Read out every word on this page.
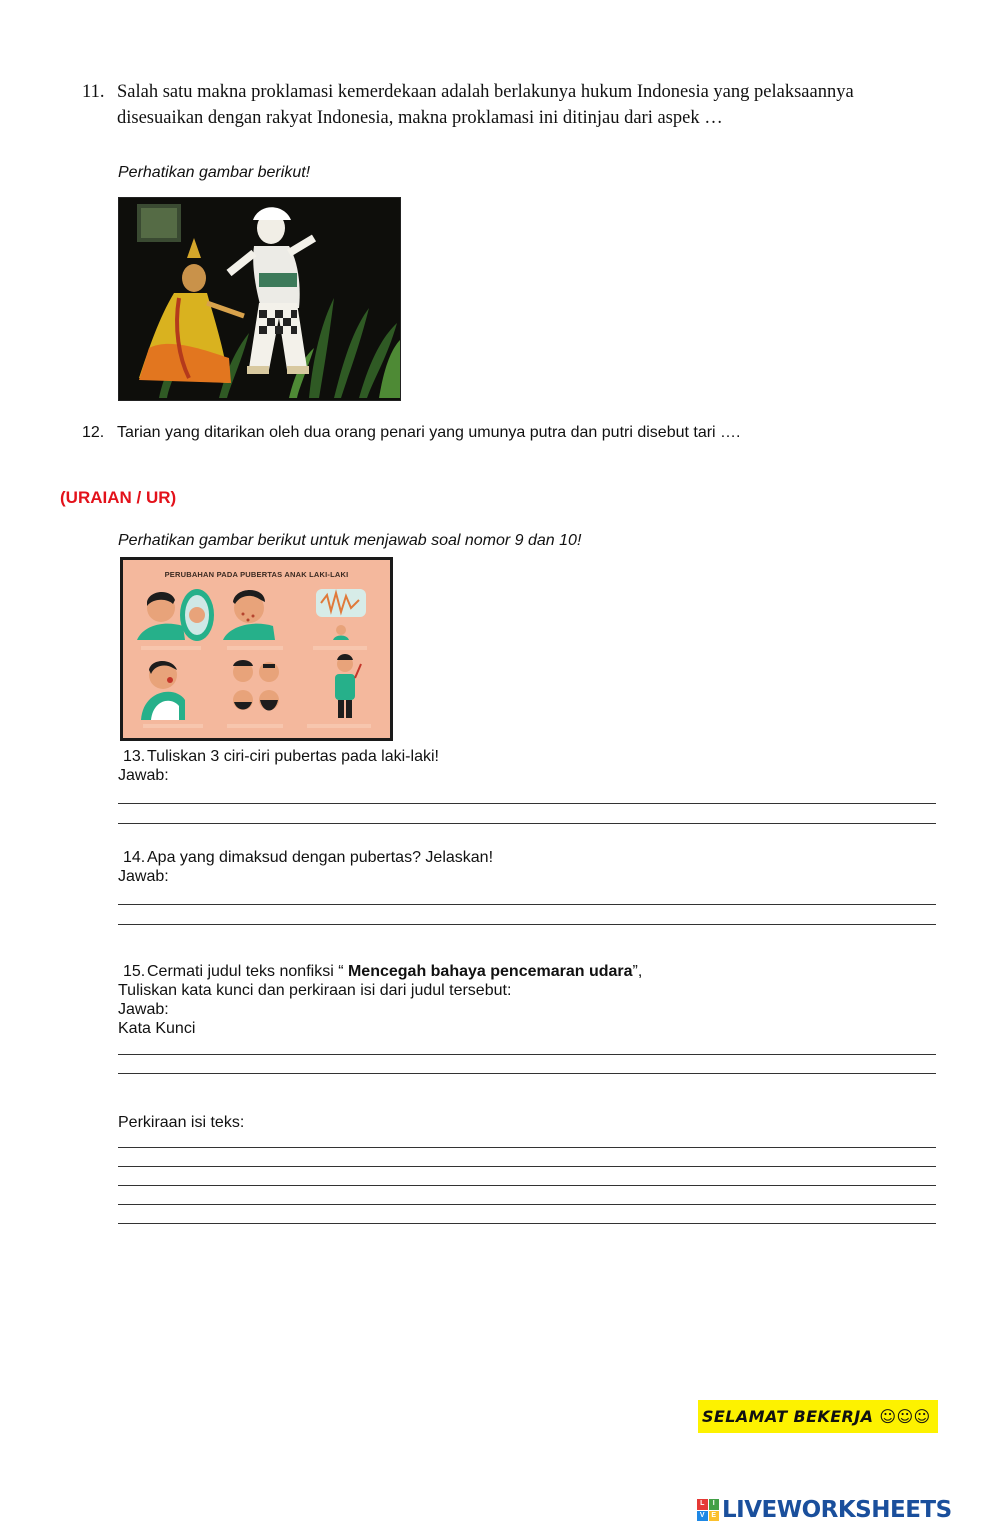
11. Salah satu makna proklamasi kemerdekaan adalah berlakunya hukum Indonesia yang pelaksaannya disesuaikan dengan rakyat Indonesia, makna proklamasi ini ditinjau dari aspek …
Perhatikan gambar berikut!
12. Tarian yang ditarikan oleh dua orang penari yang umunya putra dan putri disebut tari ….
(URAIAN / UR)
Perhatikan gambar berikut untuk menjawab soal nomor 9 dan 10!
PERUBAHAN PADA PUBERTAS ANAK LAKI-LAKI
13. Tuliskan 3 ciri-ciri pubertas pada laki-laki!
Jawab:
14. Apa yang dimaksud dengan pubertas? Jelaskan!
Jawab:
15. Cermati judul teks nonfiksi “ Mencegah bahaya pencemaran udara”,
Tuliskan kata kunci dan perkiraan isi dari judul tersebut:
Jawab:
Kata Kunci
Perkiraan isi teks:
SELAMAT BEKERJA ☺☺☺
L	I
V E LIVEWORKSHEETS
